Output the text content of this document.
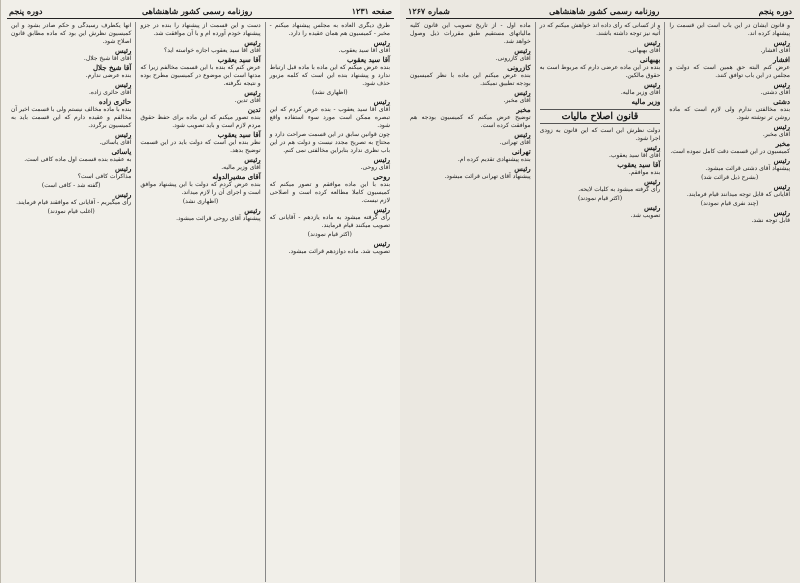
صفحه ۱۲۳۱
روزنامه رسمی کشور شاهنشاهی
دوره پنجم

طرق دیگری العاده به مجلس پیشنهاد میکنم - مخبر - کمیسیون هم همان عقیده را دارد.

رئیس

آقای آقا سید یعقوب.

آقا سید یعقوب

بنده عرض میکنم که این ماده با ماده قبل ارتباط ندارد و پیشنهاد بنده این است که کلمه مزبور حذف شود.

(اظهاری نشد)
رئیس

آقای آقا سید یعقوب - بنده عرض کردم که این تبصره ممکن است مورد سوء استفاده واقع شود.

چون قوانین سابق در این قسمت صراحت دارد و محتاج به تصریح مجدد نیست و دولت هم در این باب نظری ندارد بنابراین مخالفتی نمی کنم.

رئیس

آقای روحی.

روحی

بنده با این ماده موافقم و تصور میکنم که کمیسیون کاملا مطالعه کرده است و اصلاحی لازم نیست.

رئیس

رأی گرفته میشود به ماده یازدهم - آقایانی که تصویب میکنند قیام فرمایند.

(اکثر قیام نمودند)
رئیس

تصویب شد. ماده دوازدهم قرائت میشود.

دست و این قسمت از پیشنهاد را بنده در جزو پیشنهاد خودم آورده ام و با آن موافقت شد.

رئیس

آقای آقا سید یعقوب اجازه خواسته اید؟

آقا سید یعقوب

عرض کنم که بنده با این قسمت مخالفم زیرا که مدتها است این موضوع در کمیسیون مطرح بوده و نتیجه نگرفته.

رئیس

آقای تدین.

تدین

بنده تصور میکنم که این ماده برای حفظ حقوق مردم لازم است و باید تصویب شود.

آقا سید یعقوب

نظر بنده این است که دولت باید در این قسمت توضیح بدهد.

رئیس

آقای وزیر مالیه.

آقای مشیرالدوله

بنده عرض کردم که دولت با این پیشنهاد موافق است و اجرای آن را لازم میداند.

(اظهاری نشد)
رئیس

پیشنهاد آقای روحی قرائت میشود.

آنها یکطرف رسیدگی و حکم صادر بشود و این کمیسیون نظرش این بود که ماده مطابق قانون اصلاح شود.

رئیس

آقای آقا شیخ جلال.

آقا شیخ جلال

بنده عرضی ندارم.

رئیس

آقای حائری زاده.

حائری زاده

بنده با ماده مخالف نیستم ولی با قسمت اخیر آن مخالفم و عقیده دارم که این قسمت باید به کمیسیون برگردد.

رئیس

آقای یاسائی.

یاسائی

به عقیده بنده قسمت اول ماده کافی است.

رئیس

مذاکرات کافی است؟

(گفته شد - کافی است)
رئیس

رأی میگیریم - آقایانی که موافقند قیام فرمایند.

(اغلب قیام نمودند)
دوره پنجم
روزنامه رسمی کشور شاهنشاهی
شماره ۱۲۶۷

و قانون ایشان در این باب است این قسمت را پیشنهاد کرده اند.

رئیس

آقای افشار.

افشار

عرض کنم البته حق همین است که دولت و مجلس در این باب توافق کنند.

رئیس

آقای دشتی.

دشتی

بنده مخالفتی ندارم ولی لازم است که ماده روشن تر نوشته شود.

رئیس

آقای مخبر.

مخبر

کمیسیون در این قسمت دقت کامل نموده است.

رئیس

پیشنهاد آقای دشتی قرائت میشود.

(بشرح ذیل قرائت شد)
رئیس

آقایانی که قابل توجه میدانند قیام فرمایند.

(چند نفری قیام نمودند)
رئیس

قابل توجه نشد.

و از کسانی که رأی داده اند خواهش میکنم که در آتیه نیز توجه داشته باشند.

رئیس

آقای بهبهانی.

بهبهانی

بنده در این ماده عرضی دارم که مربوط است به حقوق مالکین.

رئیس

آقای وزیر مالیه.

وزیر مالیه
قانون اصلاح مالیات

دولت نظرش این است که این قانون به زودی اجرا شود.

رئیس

آقای آقا سید یعقوب.

آقا سید یعقوب

بنده موافقم.

رئیس

رأی گرفته میشود به کلیات لایحه.

(اکثر قیام نمودند)
رئیس

تصویب شد.

ماده اول - از تاریخ تصویب این قانون کلیه مالیاتهای مستقیم طبق مقررات ذیل وصول خواهد شد.

رئیس

آقای کازرونی.

کازرونی

بنده عرض میکنم این ماده با نظر کمیسیون بودجه تطبیق نمیکند.

رئیس

آقای مخبر.

مخبر

توضیح عرض میکنم که کمیسیون بودجه هم موافقت کرده است.

رئیس

آقای تهرانی.

تهرانی

بنده پیشنهادی تقدیم کرده ام.

رئیس

پیشنهاد آقای تهرانی قرائت میشود.
